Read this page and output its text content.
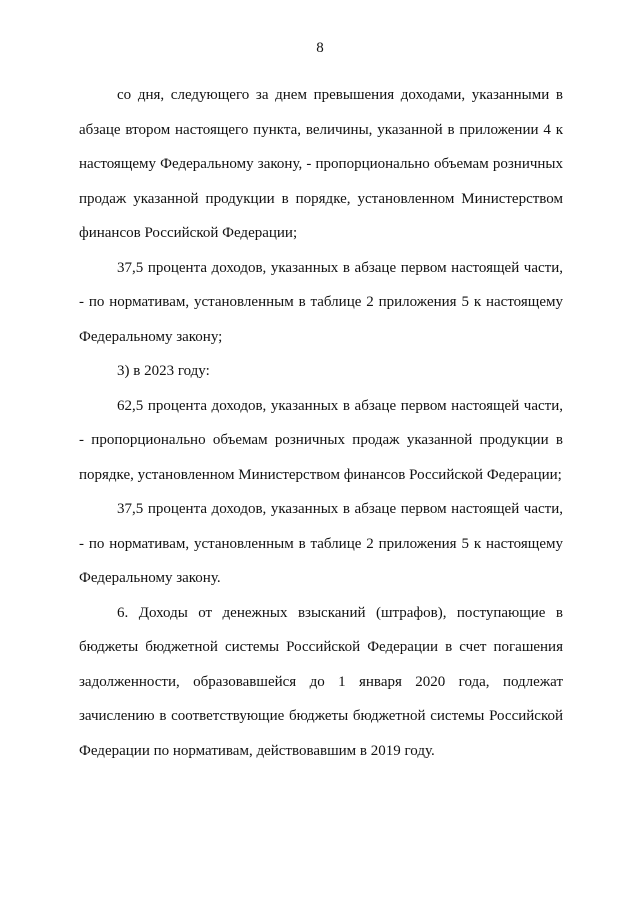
8

со дня, следующего за днем превышения доходами, указанными в абзаце втором настоящего пункта, величины, указанной в приложении 4 к настоящему Федеральному закону, - пропорционально объемам розничных продаж указанной продукции в порядке, установленном Министерством финансов Российской Федерации;

37,5 процента доходов, указанных в абзаце первом настоящей части, - по нормативам, установленным в таблице 2 приложения 5 к настоящему Федеральному закону;

3) в 2023 году:

62,5 процента доходов, указанных в абзаце первом настоящей части, - пропорционально объемам розничных продаж указанной продукции в порядке, установленном Министерством финансов Российской Федерации;

37,5 процента доходов, указанных в абзаце первом настоящей части, - по нормативам, установленным в таблице 2 приложения 5 к настоящему Федеральному закону.

6. Доходы от денежных взысканий (штрафов), поступающие в бюджеты бюджетной системы Российской Федерации в счет погашения задолженности, образовавшейся до 1 января 2020 года, подлежат зачислению в соответствующие бюджеты бюджетной системы Российской Федерации по нормативам, действовавшим в 2019 году.
